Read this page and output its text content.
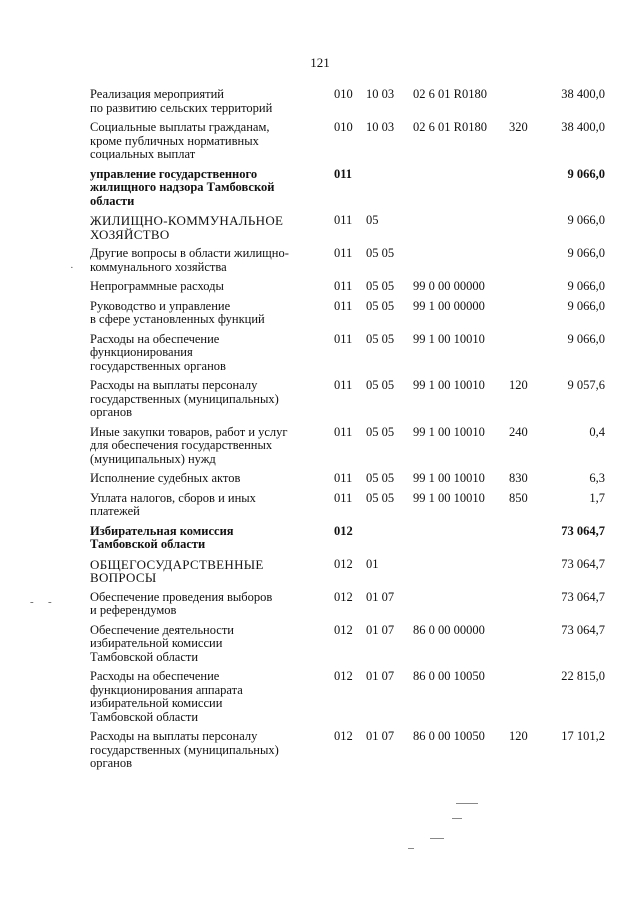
121
Реализация мероприятий
по развитию сельских территорий
010 10 03 02 6 01 R0180	38 400,0
Социальные выплаты гражданам,
кроме публичных нормативных
социальных выплат
010 10 03 02 6 01 R0180 320	38 400,0
управление государственного
жилищного надзора Тамбовской
области
011	9 066,0
ЖИЛИЩНО-КОММУНАЛЬНОЕ
ХОЗЯЙСТВО
011 05	9 066,0
Другие вопросы в области жилищно-
коммунального хозяйства
011 05 05	9 066,0
Непрограммные расходы	011 05 05 99 0 00 00000	9 066,0
Руководство и управление
в сфере установленных функций
011 05 05 99 1 00 00000	9 066,0
Расходы на обеспечение
функционирования
государственных органов
011 05 05 99 1 00 10010	9 066,0
Расходы на выплаты персоналу
государственных (муниципальных)
органов
011 05 05 99 1 00 10010 120	9 057,6
Иные закупки товаров, работ и услуг
для обеспечения государственных
(муниципальных) нужд
011 05 05 99 1 00 10010 240	0,4
Исполнение судебных актов	011 05 05 99 1 00 10010 830	6,3
Уплата налогов, сборов и иных
платежей
011 05 05 99 1 00 10010 850	1,7
Избирательная комиссия
Тамбовской области
012	73 064,7
ОБЩЕГОСУДАРСТВЕННЫЕ
ВОПРОСЫ
012 01	73 064,7
Обеспечение проведения выборов
и референдумов
012 01 07	73 064,7
Обеспечение деятельности
избирательной комиссии
Тамбовской области
012 01 07 86 0 00 00000	73 064,7
Расходы на обеспечение
функционирования аппарата
избирательной комиссии
Тамбовской области
012 01 07 86 0 00 10050	22 815,0
Расходы на выплаты персоналу
государственных (муниципальных)
органов
012 01 07 86 0 00 10050 120	17 101,2
·
- -
